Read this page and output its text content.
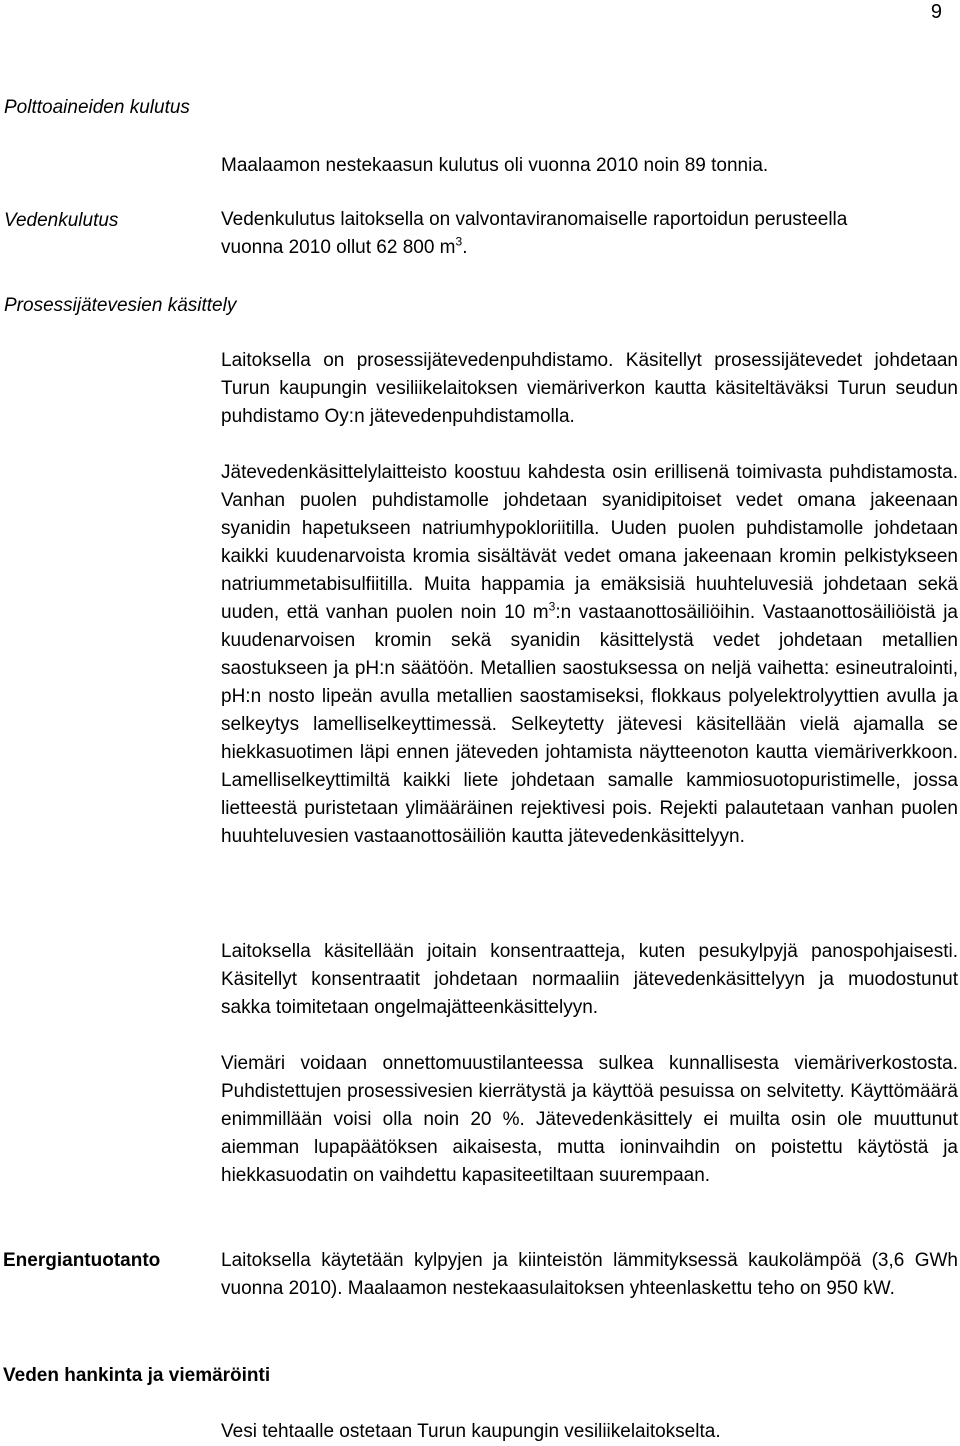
9
Polttoaineiden kulutus
Maalaamon nestekaasun kulutus oli vuonna 2010 noin 89 tonnia.
Vedenkulutus	Vedenkulutus laitoksella on valvontaviranomaiselle raportoidun perusteella
vuonna 2010 ollut 62 800 $m^3$.
Prosessijätevesien käsittely

Laitoksella on prosessijätevedenpuhdistamo. Käsitellyt prosessijätevedet johdetaan Turun kaupungin vesiliikelaitoksen viemäriverkon kautta käsiteltäväksi Turun seudun puhdistamo Oy:n jätevedenpuhdistamolla.

Jätevedenkäsittelylaitteisto koostuu kahdesta osin erillisenä toimivasta puhdistamosta. Vanhan puolen puhdistamolle johdetaan syanidipitoiset vedet omana jakeenaan syanidin hapetukseen natriumhypokloriitilla. Uuden puolen puhdistamolle johdetaan kaikki kuudenarvoista kromia sisältävät vedet omana jakeenaan kromin pelkistykseen natriummetabisulfiitilla. Muita happamia ja emäksisiä huuhteluvesiä johdetaan sekä uuden, että vanhan puolen noin 10 $m^3:n$ vastaanottosäiliöihin. Vastaanottosäiliöistä ja kuudenarvoisen kromin sekä syanidin käsittelystä vedet johdetaan metallien saostukseen ja pH:n säätöön. Metallien saostuksessa on neljä vaihetta: esineutralointi, pH:n nosto lipeän avulla metallien saostamiseksi, flokkaus polyelektrolyyttien avulla ja selkeytys lamelliselkeyttimessä. Selkeytetty jätevesi käsitellään vielä ajamalla se hiekkasuotimen läpi ennen jäteveden johtamista näytteenoton kautta viemäriverkkoon. Lamelliselkeyttimiltä kaikki liete johdetaan samalle kammiosuotopuristimelle, jossa lietteestä puristetaan ylimääräinen rejektivesi pois. Rejekti palautetaan vanhan puolen huuhteluvesien vastaanottosäiliön kautta jätevedenkäsittelyyn.

Laitoksella käsitellään joitain konsentraatteja, kuten pesukylpyjä panospohjaisesti. Käsitellyt konsentraatit johdetaan normaaliin jätevedenkäsittelyyn ja muodostunut sakka toimitetaan ongelmajätteenkäsittelyyn.

Viemäri voidaan onnettomuustilanteessa sulkea kunnallisesta viemäriverkostosta. Puhdistettujen prosessivesien kierrätystä ja käyttöä pesuissa on selvitetty. Käyttömäärä enimmillään voisi olla noin 20 %. Jätevedenkäsittely ei muilta osin ole muuttunut aiemman lupapäätöksen aikaisesta, mutta ioninvaihdin on poistettu käytöstä ja hiekkasuodatin on vaihdettu kapasiteetiltaan suurempaan.

Energiantuotanto	Laitoksella käytetään kylpyjen ja kiinteistön lämmityksessä kaukolämpöä (3,6 GWh vuonna 2010). Maalaamon nestekaasulaitoksen yhteenlaskettu teho on 950 kW.

Veden hankinta ja viemäröinti
Vesi tehtaalle ostetaan Turun kaupungin vesiliikelaitokselta.
